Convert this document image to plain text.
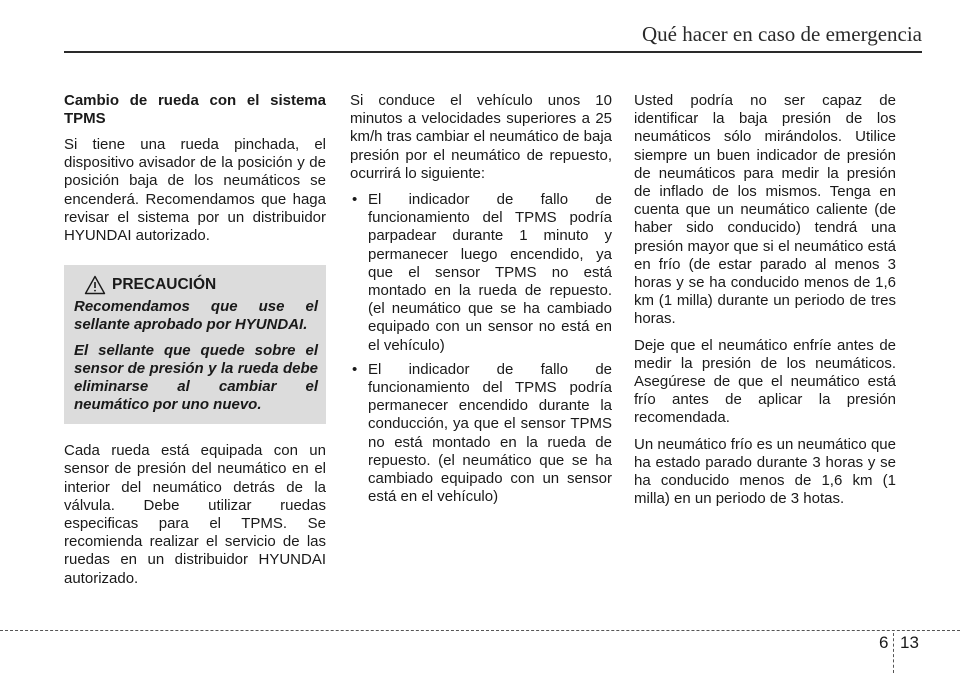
Qué hacer en caso de emergencia

Cambio de rueda con el sistema TPMS

Si tiene una rueda pinchada, el dispositivo avisador de la posición y de posición baja de los neumáticos se encenderá. Recomendamos que haga revisar el sistema por un distribuidor HYUNDAI autorizado.

PRECAUCIÓN

Recomendamos que use el sellante aprobado por HYUNDAI.

El sellante que quede sobre el sensor de presión y la rueda debe eliminarse al cambiar el neumático por uno nuevo.

Cada rueda está equipada con un sensor de presión del neumático en el interior del neumático detrás de la válvula. Debe utilizar ruedas especificas para el TPMS. Se recomienda realizar el servicio de las ruedas en un distribuidor HYUNDAI autorizado.

Si conduce el vehículo unos 10 minutos a velocidades superiores a 25 km/h tras cambiar el neumático de baja presión por el neumático de repuesto, ocurrirá lo siguiente:

• El indicador de fallo de funcionamiento del TPMS podría parpadear durante 1 minuto y permanecer luego encendido, ya que el sensor TPMS no está montado en la rueda de repuesto. (el neumático que se ha cambiado equipado con un sensor no está en el vehículo)
• El indicador de fallo de funcionamiento del TPMS podría permanecer encendido durante la conducción, ya que el sensor TPMS no está montado en la rueda de repuesto. (el neumático que se ha cambiado equipado con un sensor está en el vehículo)

Usted podría no ser capaz de identificar la baja presión de los neumáticos sólo mirándolos. Utilice siempre un buen indicador de presión de neumáticos para medir la presión de inflado de los mismos. Tenga en cuenta que un neumático caliente (de haber sido conducido) tendrá una presión mayor que si el neumático está en frío (de estar parado al menos 3 horas y se ha conducido menos de 1,6 km (1 milla) durante un periodo de tres horas.

Deje que el neumático enfríe antes de medir la presión de los neumáticos. Asegúrese de que el neumático está frío antes de aplicar la presión recomendada.

Un neumático frío es un neumático que ha estado parado durante 3 horas y se ha conducido menos de 1,6 km (1 milla) en un periodo de 3 hotas.

6 13
